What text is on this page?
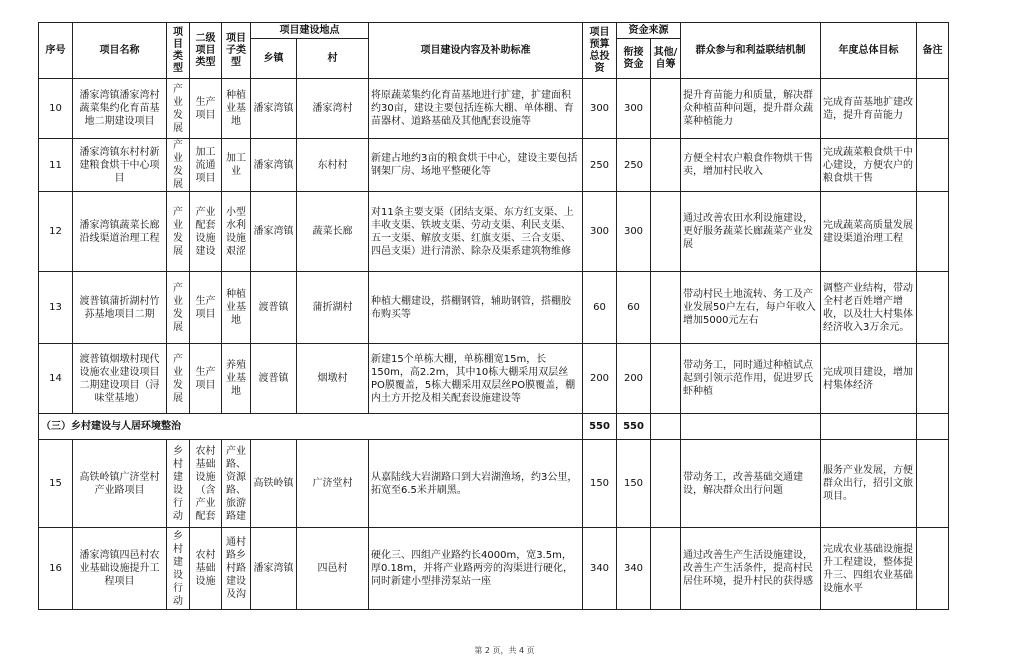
序号	项目名称	项目类型	二级项目类型	项目子类型	项目建设地点		项目建设内容及补助标准	项目预算总投资	资金来源		群众参与和利益联结机制	年度总体目标	备注
					乡镇	村			衔接资金	其他/自筹			
10	潘家湾镇潘家湾村蔬菜集约化育苗基地二期建设项目	产业发展	生产项目	种植业基地	潘家湾镇	潘家湾村	将原蔬菜集约化育苗基地进行扩建，扩建面积约30亩，建设主要包括连栋大棚、单体棚、育苗器材、道路基础及其他配套设施等	300	300		提升育苗能力和质量，解决群众种植苗种问题，提升群众蔬菜种植能力	完成育苗基地扩建改造，提升育苗能力	
11	潘家湾镇东村村新建粮食烘干中心项目	产业发展	加工流通项目	加工业	潘家湾镇	东村村	新建占地约3亩的粮食烘干中心，建设主要包括钢架厂房、场地平整硬化等	250	250		方便全村农户粮食作物烘干售卖，增加村民收入	完成蔬菜粮食烘干中心建设，方便农户的粮食烘干售	
12	潘家湾镇蔬菜长廊沿线渠道治理工程	产业发展	产业配套设施建设	小型水利设施艰涩	潘家湾镇	蔬菜长廊	对11条主要支渠（团结支渠、东方红支渠、上丰收支渠、铁坡支渠、劳动支渠、利民支渠、五一支渠、解放支渠、红旗支渠、三合支渠、四邑支渠）进行清淤、除杂及渠系建筑物维修	300	300		通过改善农田水利设施建设，更好服务蔬菜长廊蔬菜产业发展	完成蔬菜高质量发展建设渠道治理工程	
13	渡普镇蒲折湖村竹荪基地项目二期	产业发展	生产项目	种植业基地	渡普镇	蒲折湖村	种植大棚建设，搭棚钢管，辅助钢管，搭棚胶布购买等	60	60		带动村民土地流转、务工及产业发展50户左右，每户年收入增加5000元左右	调整产业结构，带动全村老百姓增产增收，以及壮大村集体经济收入3万余元。	
14	渡普镇烟墩村现代设施农业建设项目二期建设项目（浔味堂基地）	产业发展	生产项目	养殖业基地	渡普镇	烟墩村	新建15个单栋大棚，单栋棚宽15m，长150m，高2.2m，其中10栋大棚采用双层丝PO膜覆盖，5栋大棚采用双层丝PO膜覆盖，棚内土方开挖及相关配套设施建设等	200	200		带动务工，同时通过种植试点起到引领示范作用，促进罗氏虾种植	完成项目建设，增加村集体经济	
（三）乡村建设与人居环境整治								550	550				
15	高铁岭镇广济堂村产业路项目	乡村建设行动	农村基础设施（含产业配套	产业路、资源路、旅游路建	高铁岭镇	广济堂村	从嘉陆线大岩湖路口到大岩湖渔场，约3公里，拓宽至6.5米并刷黑。	150	150		带动务工，改善基础交通建设，解决群众出行问题	服务产业发展，方便群众出行，招引文旅项目。	
16	潘家湾镇四邑村农业基础设施提升工程项目	乡村建设行动	农村基础设施	通村路乡村路建设及沟	潘家湾镇	四邑村	硬化三、四组产业路约长4000m，宽3.5m，厚0.18m，并将产业路两旁的沟渠进行硬化，同时新建小型排涝泵站一座	340	340		通过改善生产生活设施建设，改善生产生活条件，提高村民居住环境，提升村民的获得感	完成农业基础设施提升工程建设，整体提升三、四组农业基础设施水平	
第 2 页，共 4 页
